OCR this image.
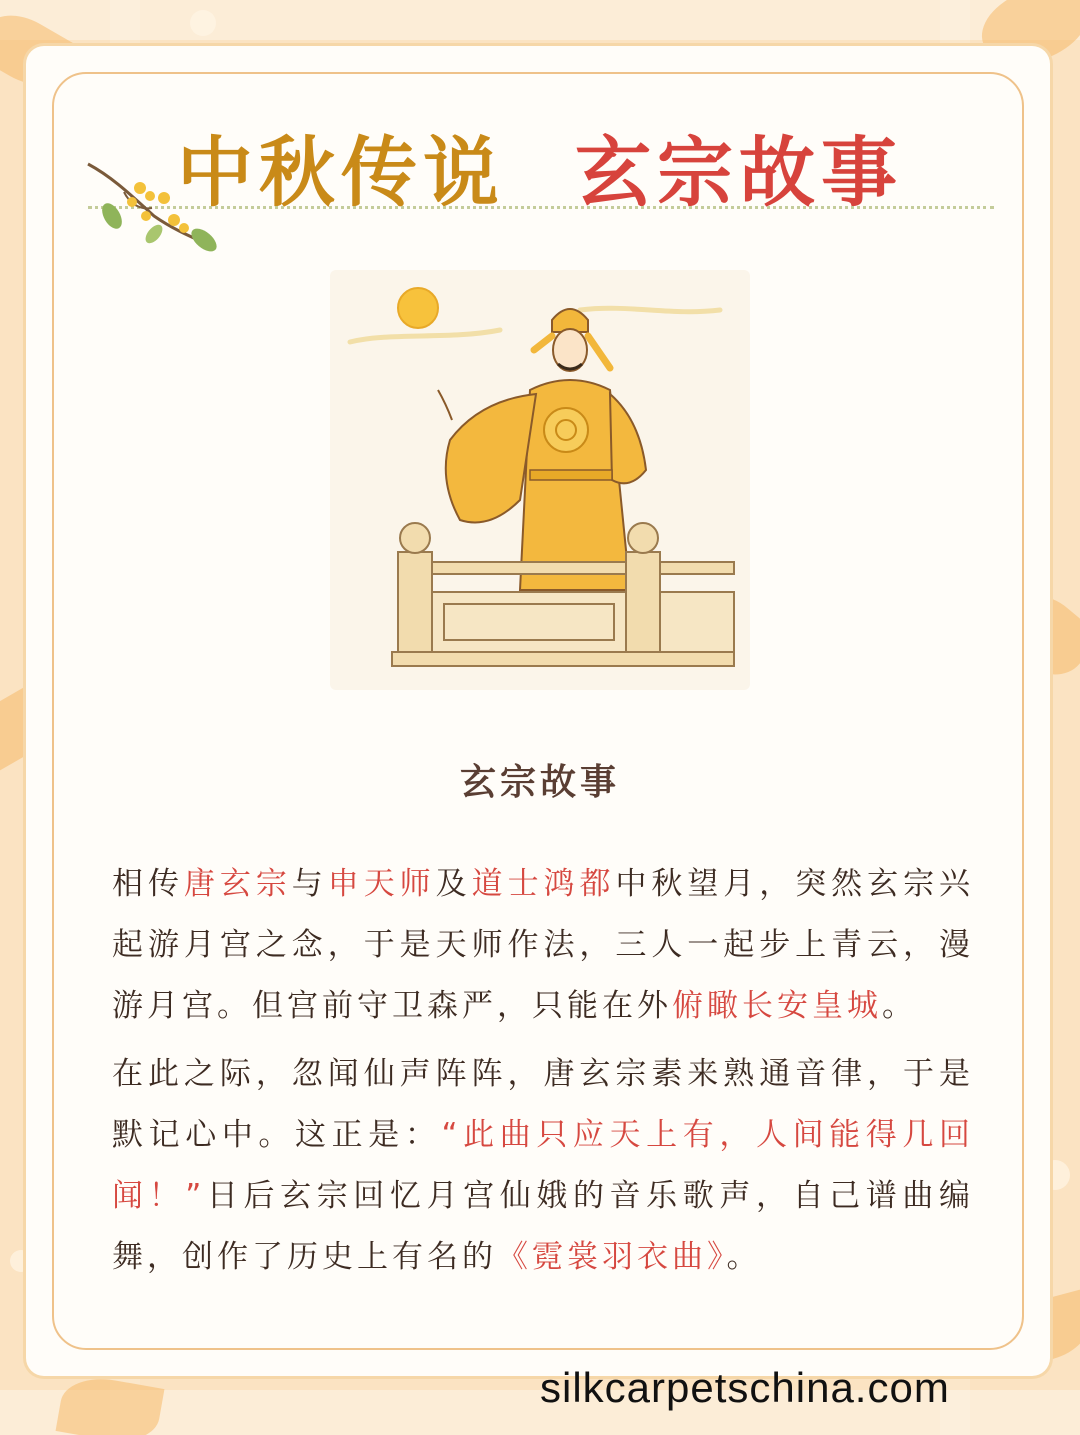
中秋传说 玄宗故事
玄宗故事
相传唐玄宗与申天师及道士鸿都中秋望月，突然玄宗兴起游月宫之念，于是天师作法，三人一起步上青云，漫游月宫。但宫前守卫森严，只能在外俯瞰长安皇城。
在此之际，忽闻仙声阵阵，唐玄宗素来熟通音律，于是默记心中。这正是：“此曲只应天上有，人间能得几回闻！”日后玄宗回忆月宫仙娥的音乐歌声，自己谱曲编舞，创作了历史上有名的《霓裳羽衣曲》。
silkcarpetschina.com
